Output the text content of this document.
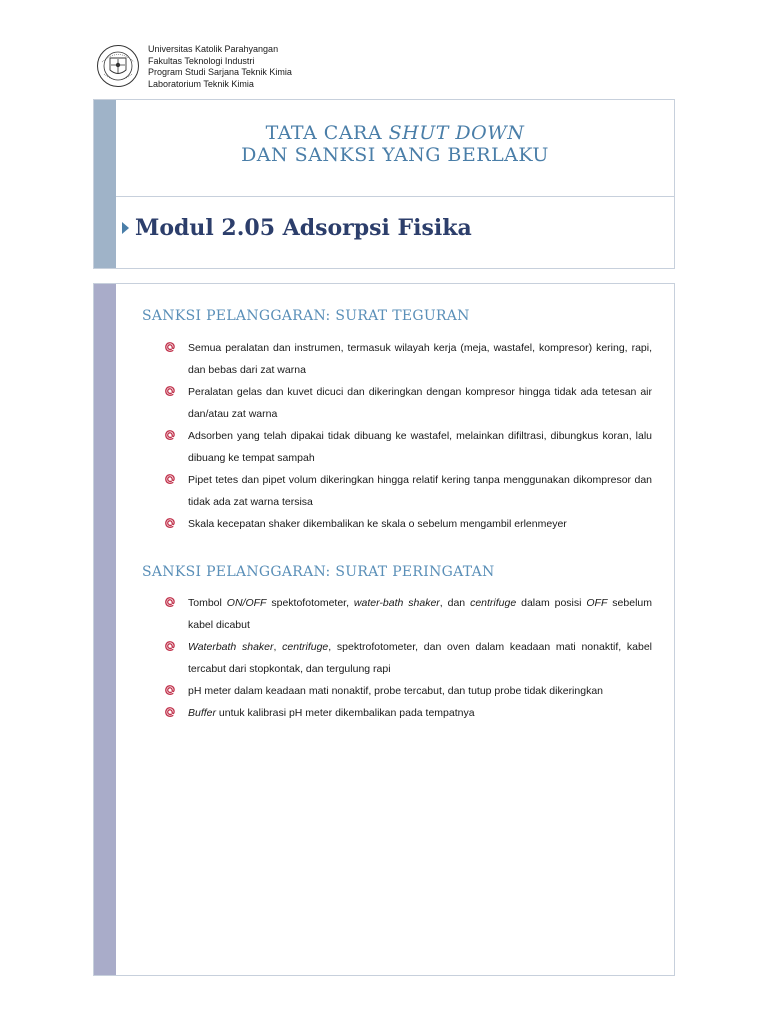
Universitas Katolik Parahyangan
Fakultas Teknologi Industri
Program Studi Sarjana Teknik Kimia
Laboratorium Teknik Kimia
TATA CARA SHUT DOWN
DAN SANKSI YANG BERLAKU
Modul 2.05 Adsorpsi Fisika
SANKSI PELANGGARAN: SURAT TEGURAN
Semua peralatan dan instrumen, termasuk wilayah kerja (meja, wastafel, kompresor) kering, rapi, dan bebas dari zat warna
Peralatan gelas dan kuvet dicuci dan dikeringkan dengan kompresor hingga tidak ada tetesan air dan/atau zat warna
Adsorben yang telah dipakai tidak dibuang ke wastafel, melainkan difiltrasi, dibungkus koran, lalu dibuang ke tempat sampah
Pipet tetes dan pipet volum dikeringkan hingga relatif kering tanpa menggunakan dikompresor dan tidak ada zat warna tersisa
Skala kecepatan shaker dikembalikan ke skala o sebelum mengambil erlenmeyer
SANKSI PELANGGARAN: SURAT PERINGATAN
Tombol ON/OFF spektofotometer, water-bath shaker, dan centrifuge dalam posisi OFF sebelum kabel dicabut
Waterbath shaker, centrifuge, spektrofotometer, dan oven dalam keadaan mati nonaktif, kabel tercabut dari stopkontak, dan tergulung rapi
pH meter dalam keadaan mati nonaktif, probe tercabut, dan tutup probe tidak dikeringkan
Buffer untuk kalibrasi pH meter dikembalikan pada tempatnya
